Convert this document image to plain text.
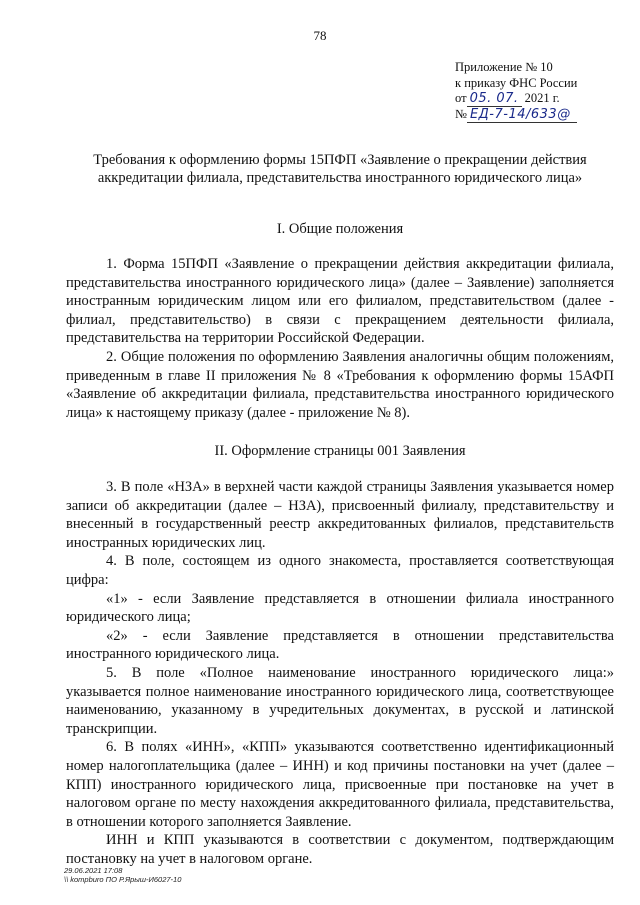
78
Приложение № 10
к приказу ФНС России
от 05. 07. 2021 г.
№ ЕД-7-14/633@
Требования к оформлению формы 15ПФП «Заявление о прекращении действия аккредитации филиала, представительства иностранного юридического лица»
I. Общие положения

1. Форма 15ПФП «Заявление о прекращении действия аккредитации филиала, представительства иностранного юридического лица» (далее – Заявление) заполняется иностранным юридическим лицом или его филиалом, представительством (далее - филиал, представительство) в связи с прекращением деятельности филиала, представительства на территории Российской Федерации.

2. Общие положения по оформлению Заявления аналогичны общим положениям, приведенным в главе II приложения № 8 «Требования к оформлению формы 15АФП «Заявление об аккредитации филиала, представительства иностранного юридического лица» к настоящему приказу (далее - приложение № 8).

II. Оформление страницы 001 Заявления

3. В поле «НЗА» в верхней части каждой страницы Заявления указывается номер записи об аккредитации (далее – НЗА), присвоенный филиалу, представительству и внесенный в государственный реестр аккредитованных филиалов, представительств иностранных юридических лиц.

4. В поле, состоящем из одного знакоместа, проставляется соответствующая цифра:

«1» - если Заявление представляется в отношении филиала иностранного юридического лица;

«2» - если Заявление представляется в отношении представительства иностранного юридического лица.

5. В поле «Полное наименование иностранного юридического лица:» указывается полное наименование иностранного юридического лица, соответствующее наименованию, указанному в учредительных документах, в русской и латинской транскрипции.

6. В полях «ИНН», «КПП» указываются соответственно идентификационный номер налогоплательщика (далее – ИНН) и код причины постановки на учет (далее – КПП) иностранного юридического лица, присвоенные при постановке на учет в налоговом органе по месту нахождения аккредитованного филиала, представительства, в отношении которого заполняется Заявление.

ИНН и КПП указываются в соответствии с документом, подтверждающим постановку на учет в налоговом органе.

29.06.2021 17:08
\\ kompburo ПО Р.Ярыш-И6027-10
